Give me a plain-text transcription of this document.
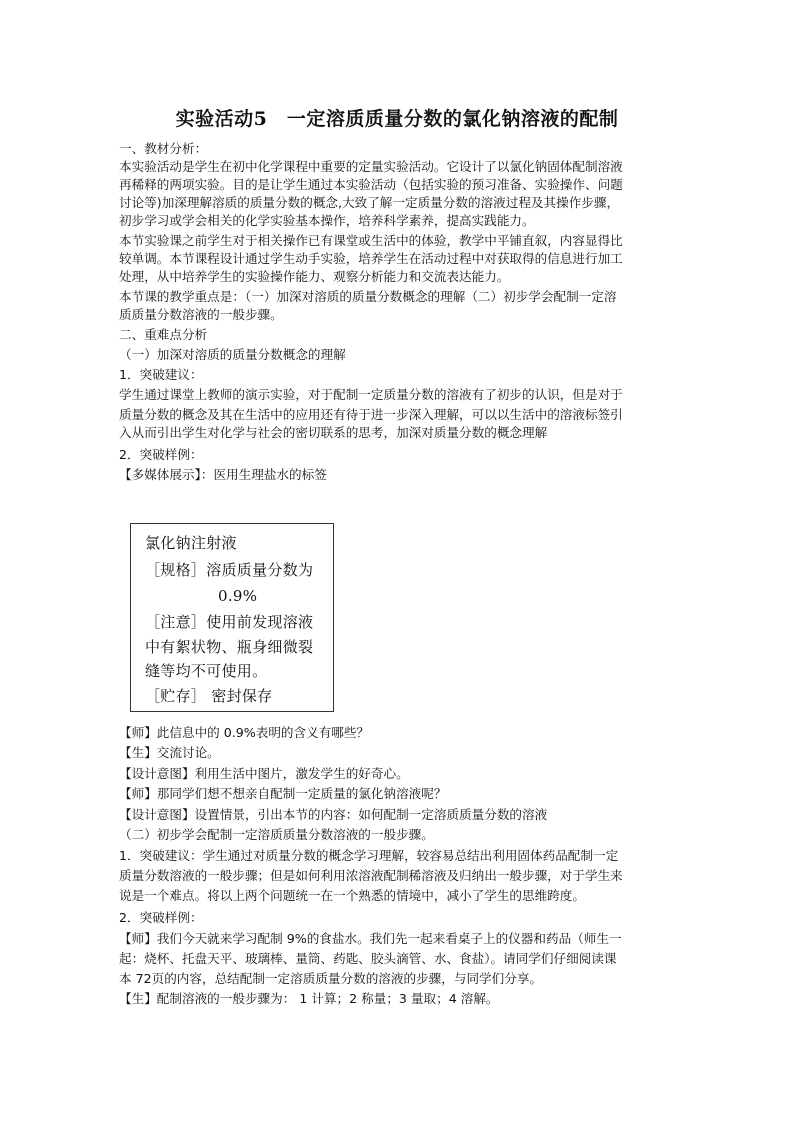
实验活动5　一定溶质质量分数的氯化钠溶液的配制
一、教材分析：
本实验活动是学生在初中化学课程中重要的定量实验活动。它设计了以氯化钠固体配制溶液
再稀释的两项实验。目的是让学生通过本实验活动（包括实验的预习准备、实验操作、问题
讨论等)加深理解溶质的质量分数的概念,大致了解一定质量分数的溶液过程及其操作步骤，
初步学习或学会相关的化学实验基本操作，培养科学素养，提高实践能力。
本节实验课之前学生对于相关操作已有课堂或生活中的体验，教学中平铺直叙，内容显得比
较单调。本节课程设计通过学生动手实验，培养学生在活动过程中对获取得的信息进行加工
处理，从中培养学生的实验操作能力、观察分析能力和交流表达能力。
本节课的教学重点是：（一）加深对溶质的质量分数概念的理解（二）初步学会配制一定溶
质质量分数溶液的一般步骤。
二、重难点分析
（一）加深对溶质的质量分数概念的理解
1．突破建议：
学生通过课堂上教师的演示实验，对于配制一定质量分数的溶液有了初步的认识，但是对于
质量分数的概念及其在生活中的应用还有待于进一步深入理解，可以以生活中的溶液标签引
入从而引出学生对化学与社会的密切联系的思考，加深对质量分数的概念理解
2．突破样例：
【多媒体展示】：医用生理盐水的标签
氯化钠注射液
［规格］溶质质量分数为
0.9%
［注意］使用前发现溶液
中有絮状物、瓶身细微裂
缝等均不可使用。
［贮存］ 密封保存
【师】此信息中的 0.9%表明的含义有哪些？
【生】交流讨论。
【设计意图】利用生活中图片，激发学生的好奇心。
【师】那同学们想不想亲自配制一定质量的氯化钠溶液呢？
【设计意图】设置情景，引出本节的内容：如何配制一定溶质质量分数的溶液
（二）初步学会配制一定溶质质量分数溶液的一般步骤。
1．突破建议：学生通过对质量分数的概念学习理解，较容易总结出利用固体药品配制一定
质量分数溶液的一般步骤；但是如何利用浓溶液配制稀溶液及归纳出一般步骤，对于学生来
说是一个难点。将以上两个问题统一在一个熟悉的情境中，减小了学生的思维跨度。
2．突破样例：
【师】我们今天就来学习配制 9%的食盐水。我们先一起来看桌子上的仪器和药品（师生一
起：烧杯、托盘天平、玻璃棒、量筒、药匙、胶头滴管、水、食盐）。请同学们仔细阅读课
本 72页的内容，总结配制一定溶质质量分数的溶液的步骤，与同学们分享。
【生】配制溶液的一般步骤为： 1 计算；2 称量；3 量取；4 溶解。
